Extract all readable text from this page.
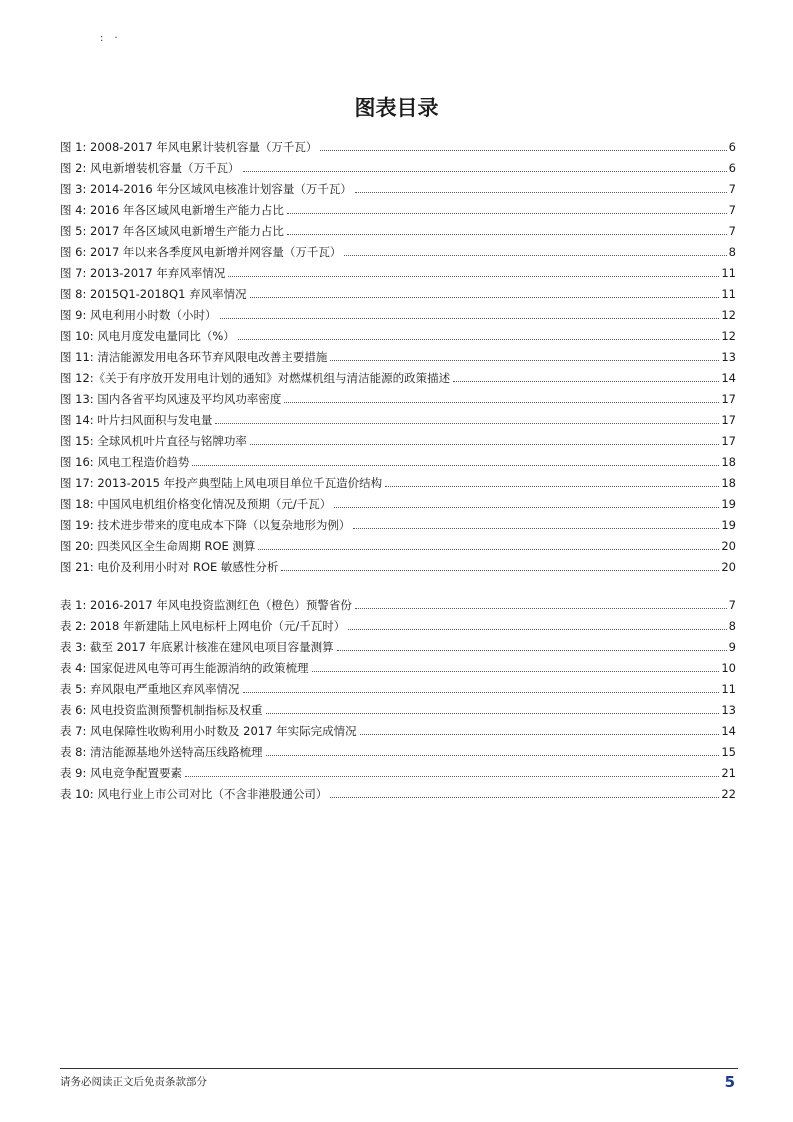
: ·
图表目录
图 1: 2008-2017 年风电累计装机容量（万千瓦）	6
图 2: 风电新增装机容量（万千瓦）	6
图 3: 2014-2016 年分区域风电核准计划容量（万千瓦）	7
图 4: 2016 年各区域风电新增生产能力占比	7
图 5: 2017 年各区域风电新增生产能力占比	7
图 6: 2017 年以来各季度风电新增并网容量（万千瓦）	8
图 7: 2013-2017 年弃风率情况	11
图 8: 2015Q1-2018Q1 弃风率情况	11
图 9: 风电利用小时数（小时）	12
图 10: 风电月度发电量同比（%）	12
图 11: 清洁能源发用电各环节弃风限电改善主要措施	13
图 12:《关于有序放开发用电计划的通知》对燃煤机组与清洁能源的政策描述	14
图 13: 国内各省平均风速及平均风功率密度	17
图 14: 叶片扫风面积与发电量	17
图 15: 全球风机叶片直径与铭牌功率	17
图 16: 风电工程造价趋势	18
图 17: 2013-2015 年投产典型陆上风电项目单位千瓦造价结构	18
图 18: 中国风电机组价格变化情况及预期（元/千瓦）	19
图 19: 技术进步带来的度电成本下降（以复杂地形为例）	19
图 20: 四类风区全生命周期 ROE 测算	20
图 21: 电价及利用小时对 ROE 敏感性分析	20
表 1: 2016-2017 年风电投资监测红色（橙色）预警省份	7
表 2: 2018 年新建陆上风电标杆上网电价（元/千瓦时）	8
表 3: 截至 2017 年底累计核准在建风电项目容量测算	9
表 4: 国家促进风电等可再生能源消纳的政策梳理	10
表 5: 弃风限电严重地区弃风率情况	11
表 6: 风电投资监测预警机制指标及权重	13
表 7: 风电保障性收购利用小时数及 2017 年实际完成情况	14
表 8: 清洁能源基地外送特高压线路梳理	15
表 9: 风电竞争配置要素	21
表 10: 风电行业上市公司对比（不含非港股通公司）	22
请务必阅读正文后免责条款部分	5
